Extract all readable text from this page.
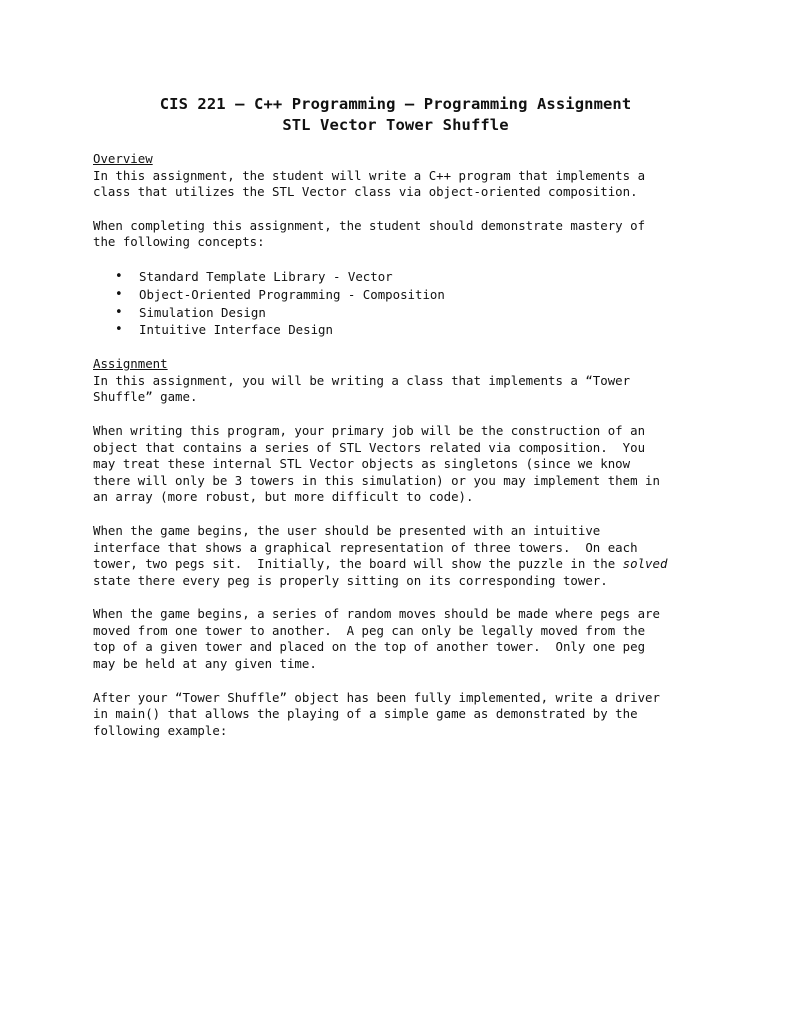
CIS 221 – C++ Programming – Programming Assignment
STL Vector Tower Shuffle
Overview

In this assignment, the student will write a C++ program that implements a
class that utilizes the STL Vector class via object-oriented composition.

When completing this assignment, the student should demonstrate mastery of
the following concepts:

• Standard Template Library - Vector
• Object-Oriented Programming - Composition
• Simulation Design
• Intuitive Interface Design
Assignment

In this assignment, you will be writing a class that implements a “Tower
Shuffle” game.

When writing this program, your primary job will be the construction of an
object that contains a series of STL Vectors related via composition.  You
may treat these internal STL Vector objects as singletons (since we know
there will only be 3 towers in this simulation) or you may implement them in
an array (more robust, but more difficult to code).

When the game begins, the user should be presented with an intuitive
interface that shows a graphical representation of three towers.  On each
tower, two pegs sit.  Initially, the board will show the puzzle in the solved
state there every peg is properly sitting on its corresponding tower.

When the game begins, a series of random moves should be made where pegs are
moved from one tower to another.  A peg can only be legally moved from the
top of a given tower and placed on the top of another tower.  Only one peg
may be held at any given time.

After your “Tower Shuffle” object has been fully implemented, write a driver
in main() that allows the playing of a simple game as demonstrated by the
following example:
